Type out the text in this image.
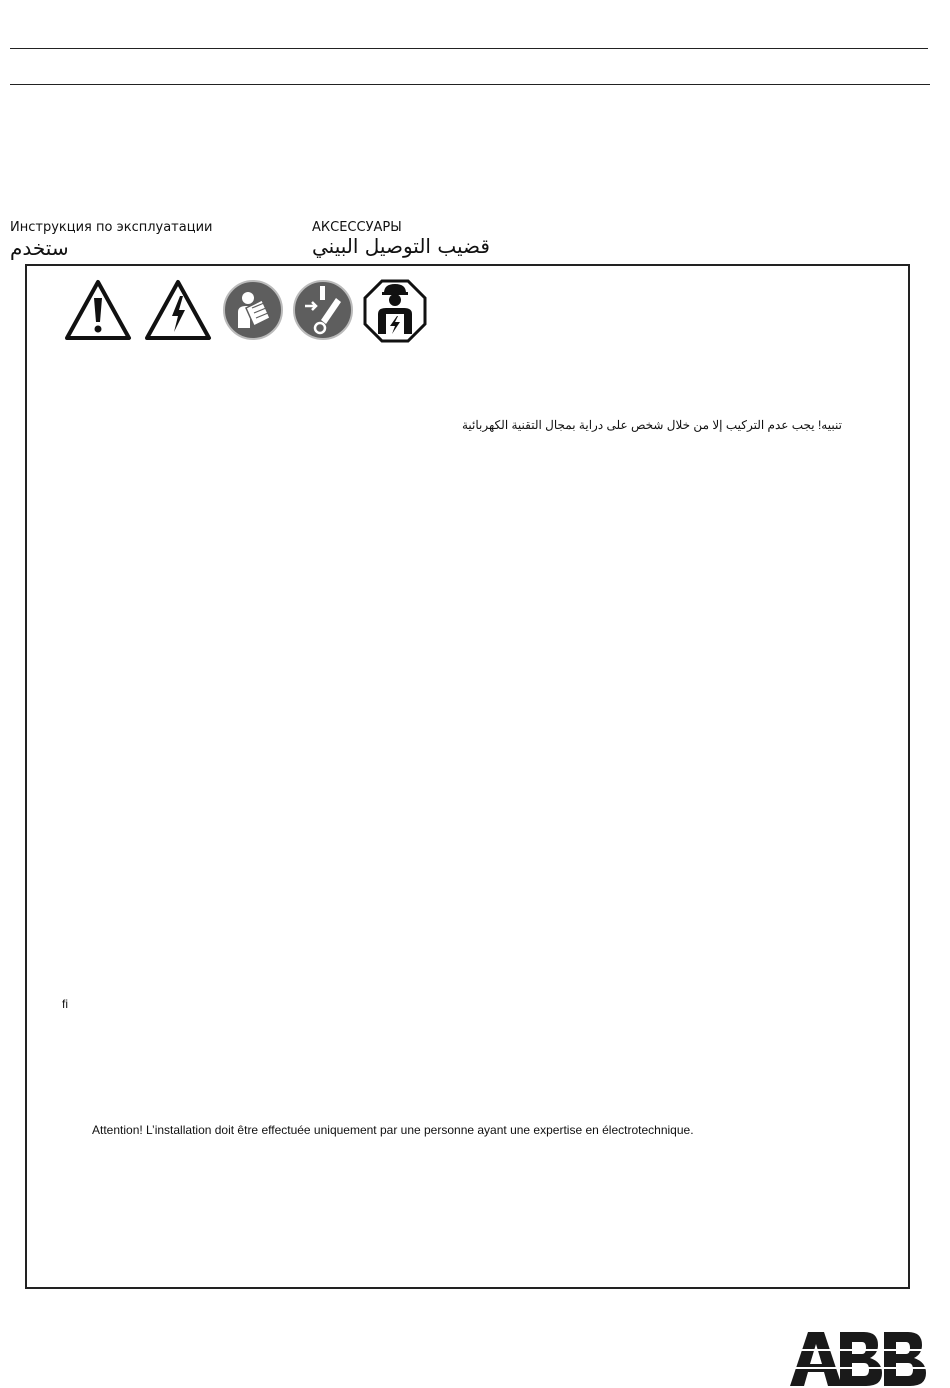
Инструкция по эксплуатации
ستخدم
АКСЕССУАРЫ
قضيب التوصيل البيني
تنبيه! يجب عدم التركيب إلا من خلال شخص على دراية بمجال التقنية الكهربائية
fi
Attention! L’installation doit être effectuée uniquement par une personne ayant une expertise en électrotechnique.
